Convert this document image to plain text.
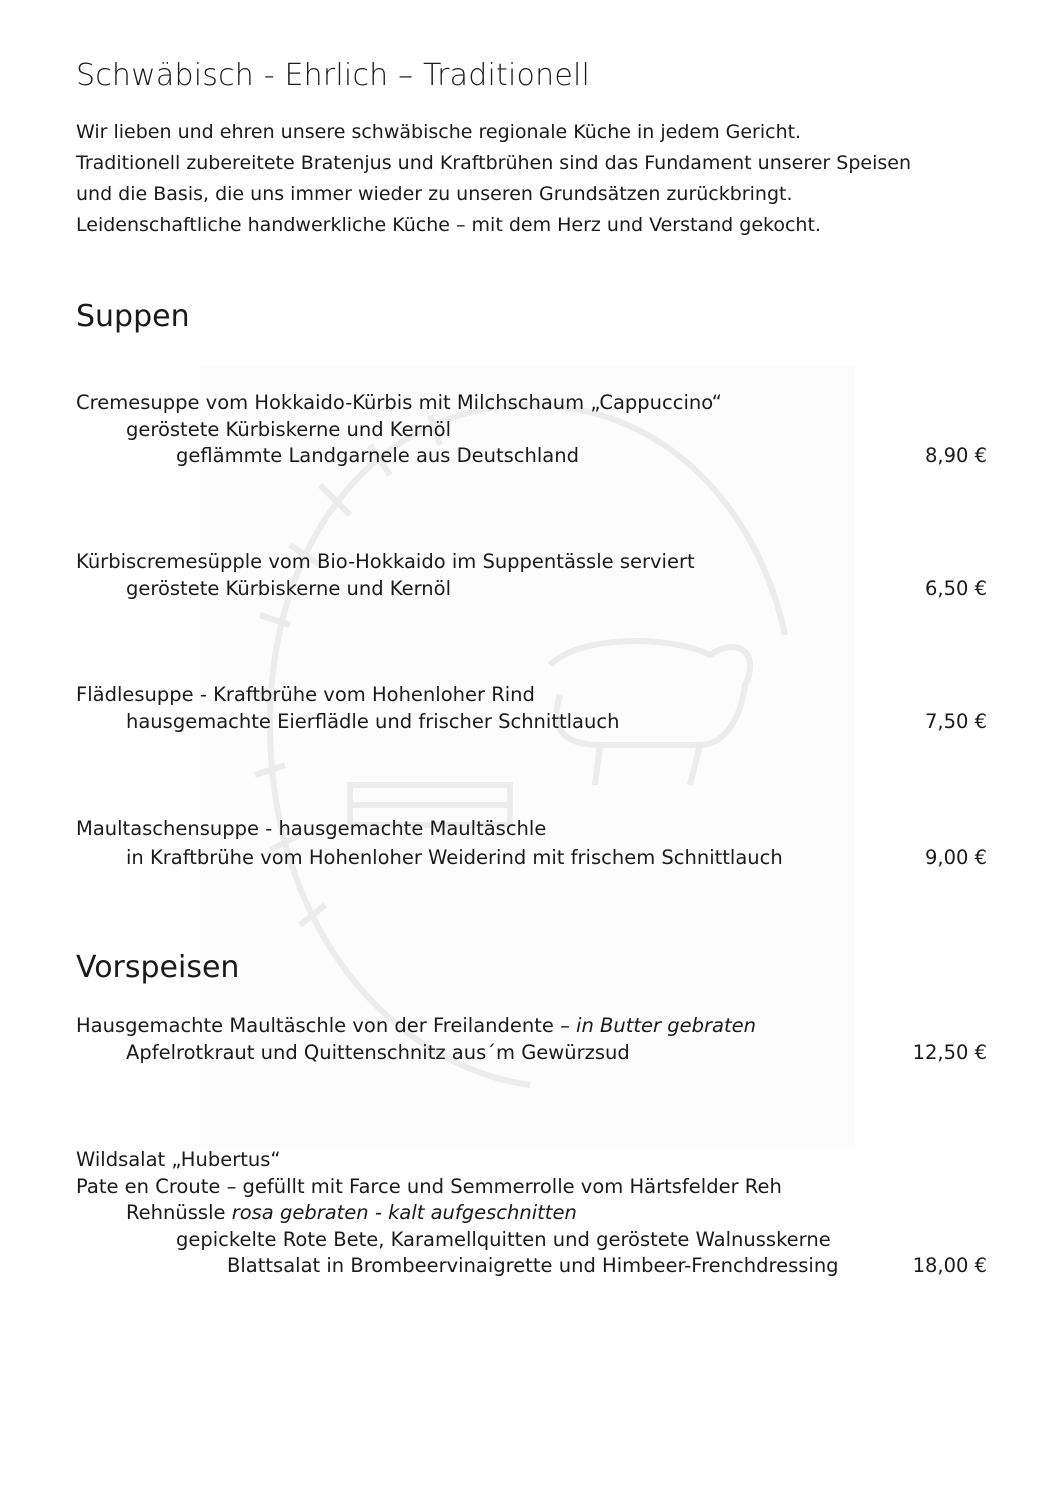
Schwäbisch - Ehrlich – Traditionell
Wir lieben und ehren unsere schwäbische regionale Küche in jedem Gericht.
Traditionell zubereitete Bratenjus und Kraftbrühen sind das Fundament unserer Speisen
und die Basis, die uns immer wieder zu unseren Grundsätzen zurückbringt.
Leidenschaftliche handwerkliche Küche – mit dem Herz und Verstand gekocht.
Suppen
Cremesuppe vom Hokkaido-Kürbis mit Milchschaum „Cappuccino“
geröstete Kürbiskerne und Kernöl
geflämmte Landgarnele aus Deutschland	8,90 €
Kürbiscremesüpple vom Bio-Hokkaido im Suppentässle serviert
geröstete Kürbiskerne und Kernöl	6,50 €
Flädlesuppe - Kraftbrühe vom Hohenloher Rind
hausgemachte Eierflädle und frischer Schnittlauch	7,50 €
Maultaschensuppe - hausgemachte Maultäschle
in Kraftbrühe vom Hohenloher Weiderind mit frischem Schnittlauch	9,00 €
Vorspeisen
Hausgemachte Maultäschle von der Freilandente – in Butter gebraten
Apfelrotkraut und Quittenschnitz aus´m Gewürzsud	12,50 €
Wildsalat „Hubertus“
Pate en Croute – gefüllt mit Farce und Semmerrolle vom Härtsfelder Reh
Rehnüssle rosa gebraten - kalt aufgeschnitten
gepickelte Rote Bete, Karamellquitten und geröstete Walnusskerne
Blattsalat in Brombeervinaigrette und Himbeer-Frenchdressing	18,00 €
